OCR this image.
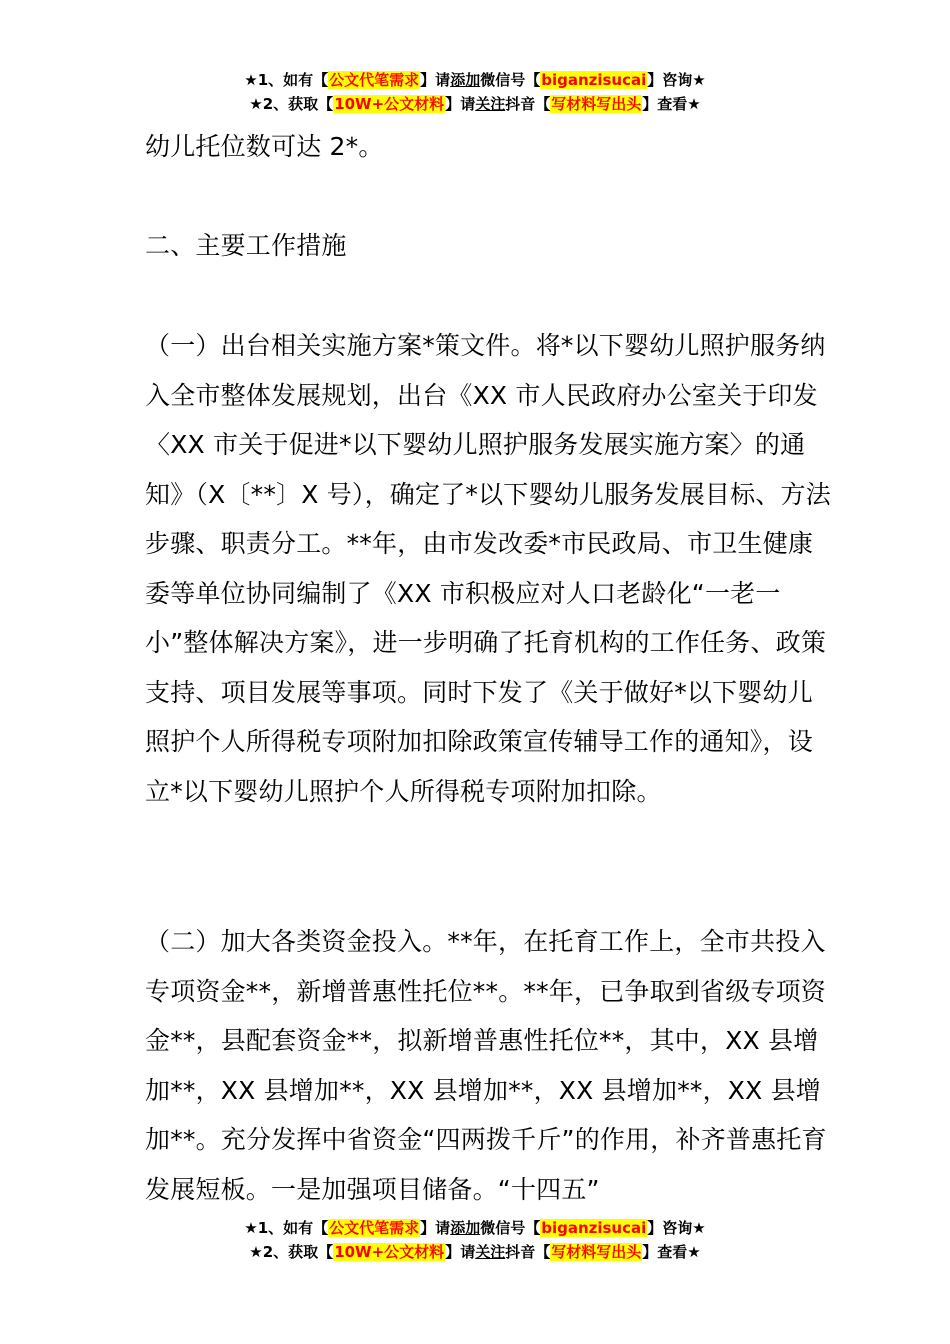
★1、如有【公文代笔需求】请添加微信号【biganzisucai】咨询★
★2、获取【10W+公文材料】请关注抖音【写材料写出头】查看★

幼儿托位数可达 2*。

二、主要工作措施

（一）出台相关实施方案*策文件。将*以下婴幼儿照护服务纳入全市整体发展规划，出台《XX 市人民政府办公室关于印发〈XX 市关于促进*以下婴幼儿照护服务发展实施方案〉的通知》（X〔**〕X 号），确定了*以下婴幼儿服务发展目标、方法步骤、职责分工。**年，由市发改委*市民政局、市卫生健康委等单位协同编制了《XX 市积极应对人口老龄化“一老一小”整体解决方案》，进一步明确了托育机构的工作任务、政策支持、项目发展等事项。同时下发了《关于做好*以下婴幼儿照护个人所得税专项附加扣除政策宣传辅导工作的通知》，设立*以下婴幼儿照护个人所得税专项附加扣除。

（二）加大各类资金投入。**年，在托育工作上，全市共投入专项资金**，新增普惠性托位**。**年，已争取到省级专项资金**，县配套资金**，拟新增普惠性托位**，其中，XX 县增加**，XX 县增加**，XX 县增加**，XX 县增加**，XX 县增加**。充分发挥中省资金“四两拨千斤”的作用，补齐普惠托育发展短板。一是加强项目储备。“十四五”

★1、如有【公文代笔需求】请添加微信号【biganzisucai】咨询★
★2、获取【10W+公文材料】请关注抖音【写材料写出头】查看★
